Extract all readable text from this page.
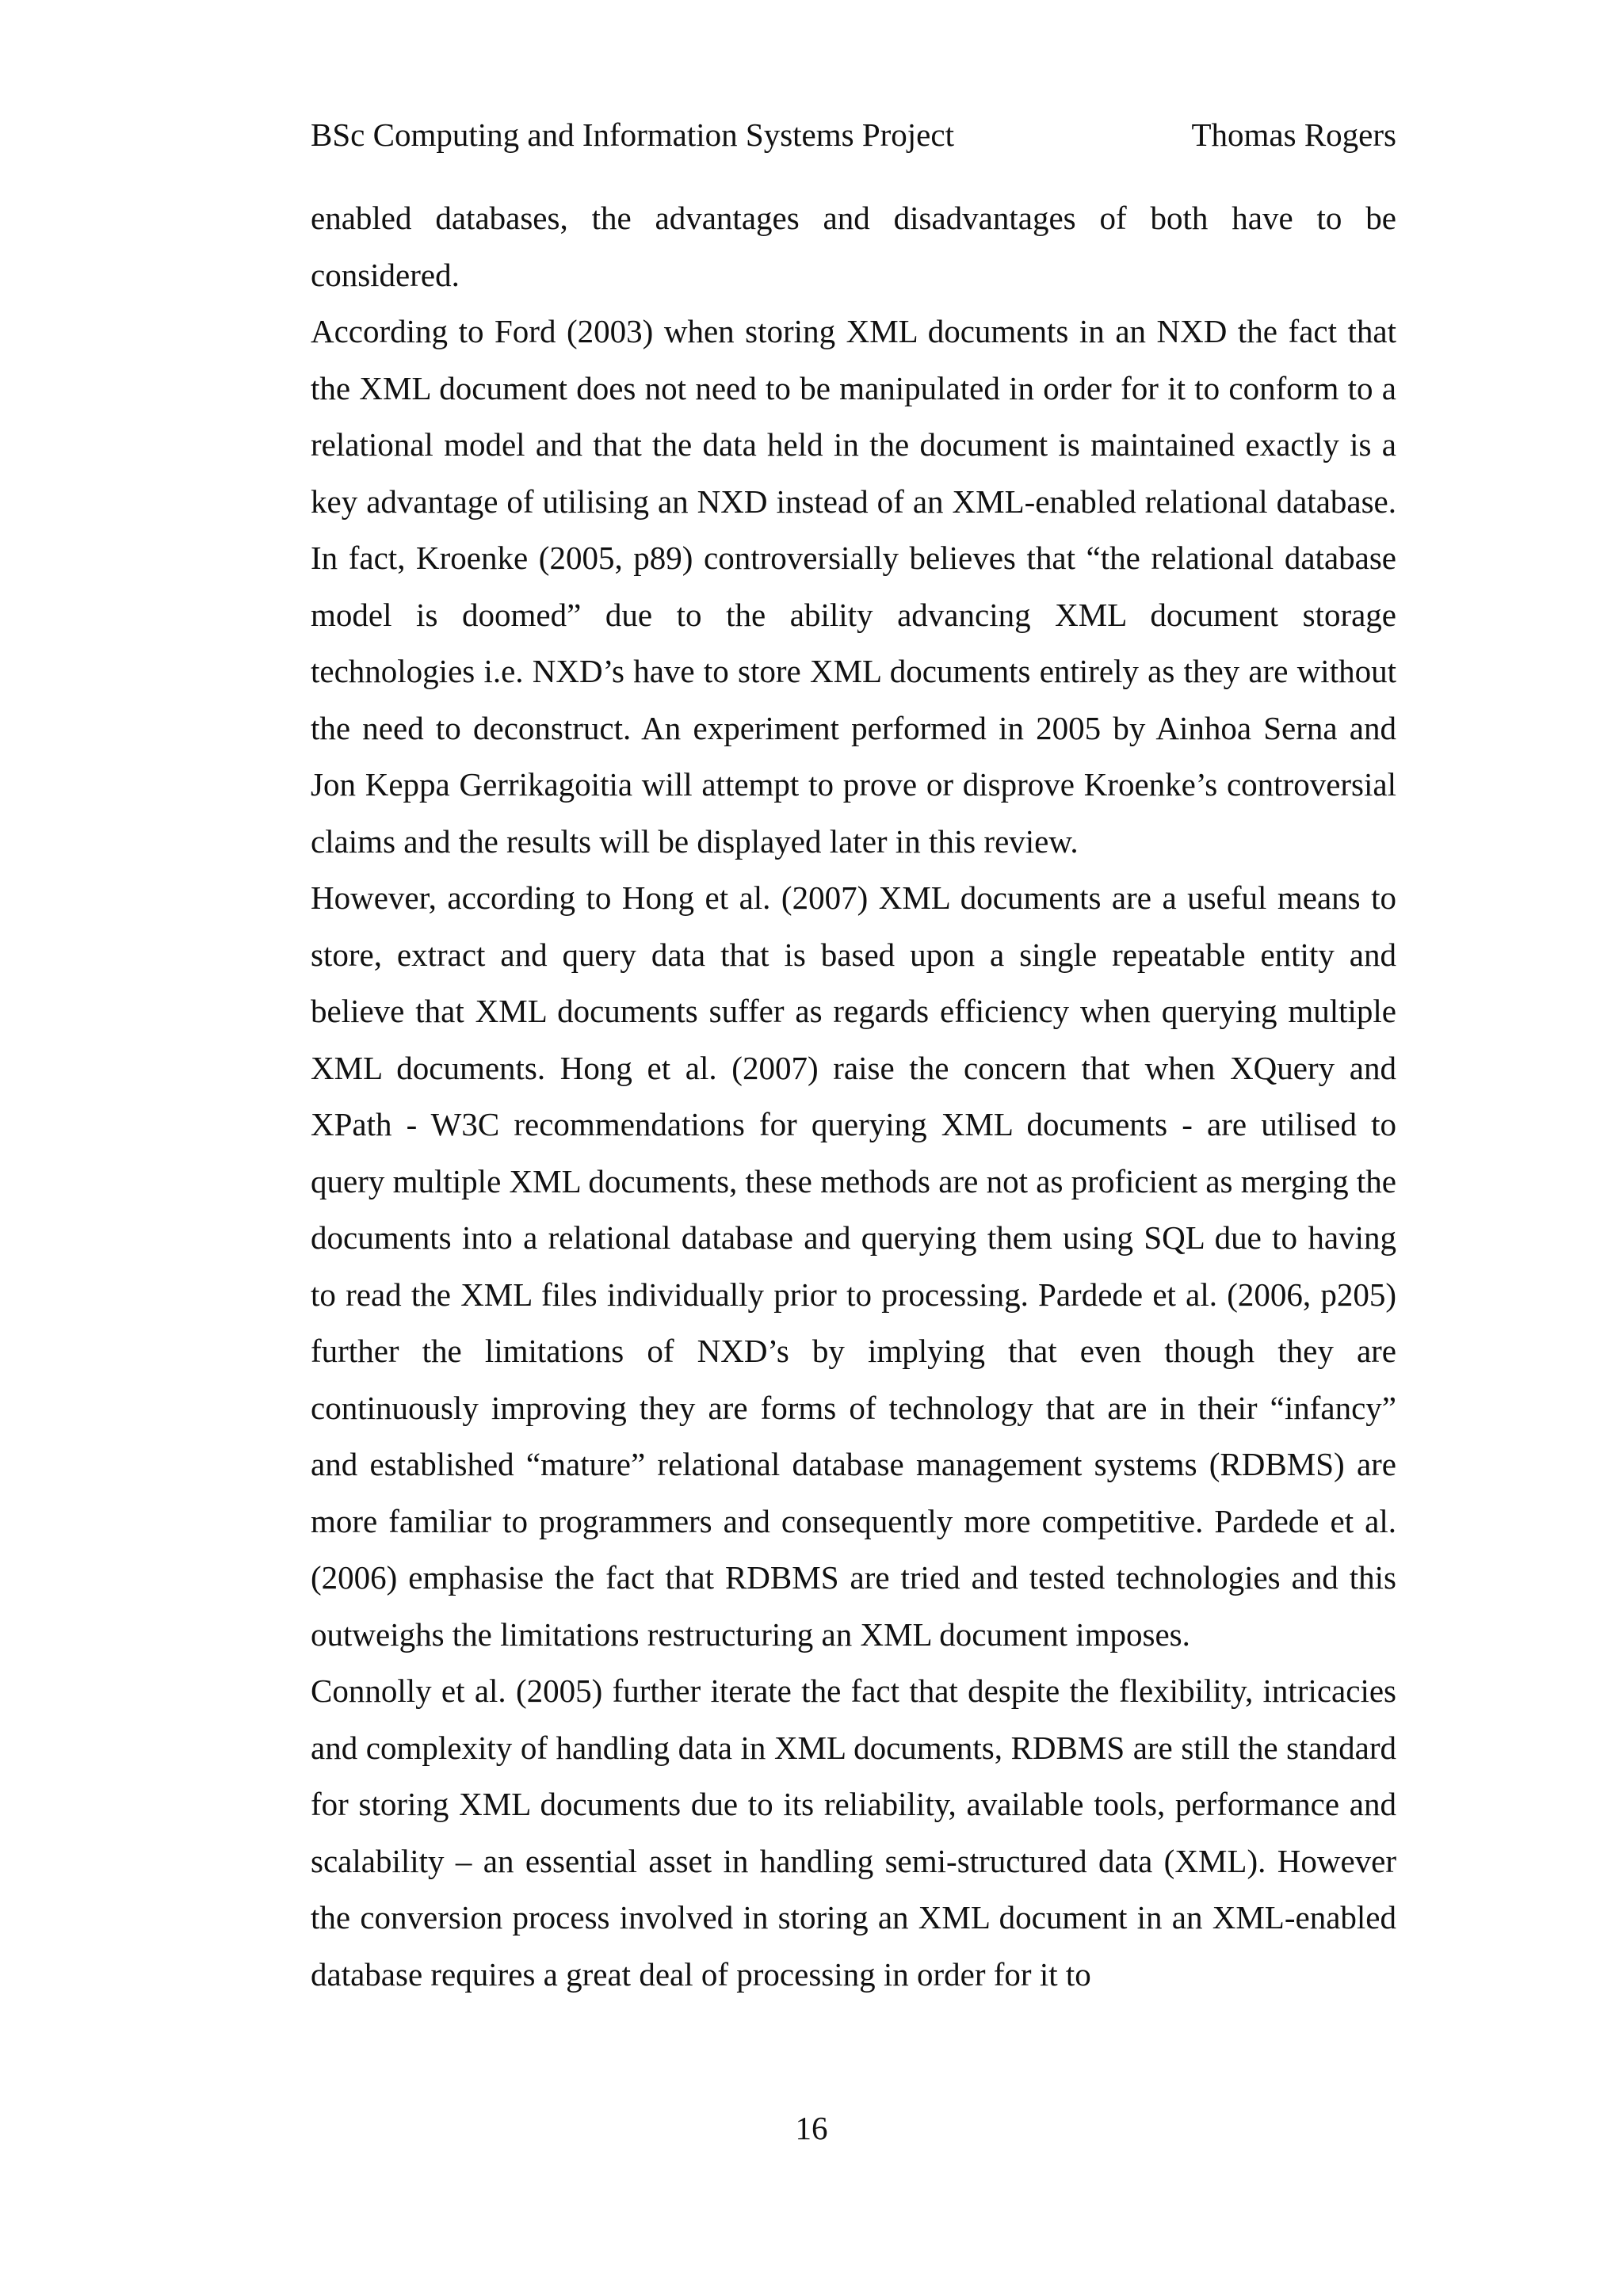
BSc Computing and Information Systems Project	Thomas Rogers

enabled databases, the advantages and disadvantages of both have to be considered.

According to Ford (2003) when storing XML documents in an NXD the fact that the XML document does not need to be manipulated in order for it to conform to a relational model and that the data held in the document is maintained exactly is a key advantage of utilising an NXD instead of an XML-enabled relational database. In fact, Kroenke (2005, p89) controversially believes that “the relational database model is doomed” due to the ability advancing XML document storage technologies i.e. NXD’s have to store XML documents entirely as they are without the need to deconstruct. An experiment performed in 2005 by Ainhoa Serna and Jon Keppa Gerrikagoitia will attempt to prove or disprove Kroenke’s controversial claims and the results will be displayed later in this review.

However, according to Hong et al. (2007) XML documents are a useful means to store, extract and query data that is based upon a single repeatable entity and believe that XML documents suffer as regards efficiency when querying multiple XML documents. Hong et al. (2007) raise the concern that when XQuery and XPath - W3C recommendations for querying XML documents - are utilised to query multiple XML documents, these methods are not as proficient as merging the documents into a relational database and querying them using SQL due to having to read the XML files individually prior to processing. Pardede et al. (2006, p205) further the limitations of NXD’s by implying that even though they are continuously improving they are forms of technology that are in their “infancy” and established “mature” relational database management systems (RDBMS) are more familiar to programmers and consequently more competitive. Pardede et al. (2006) emphasise the fact that RDBMS are tried and tested technologies and this outweighs the limitations restructuring an XML document imposes.

Connolly et al. (2005) further iterate the fact that despite the flexibility, intricacies and complexity of handling data in XML documents, RDBMS are still the standard for storing XML documents due to its reliability, available tools, performance and scalability – an essential asset in handling semi-structured data (XML). However the conversion process involved in storing an XML document in an XML-enabled database requires a great deal of processing in order for it to

16
